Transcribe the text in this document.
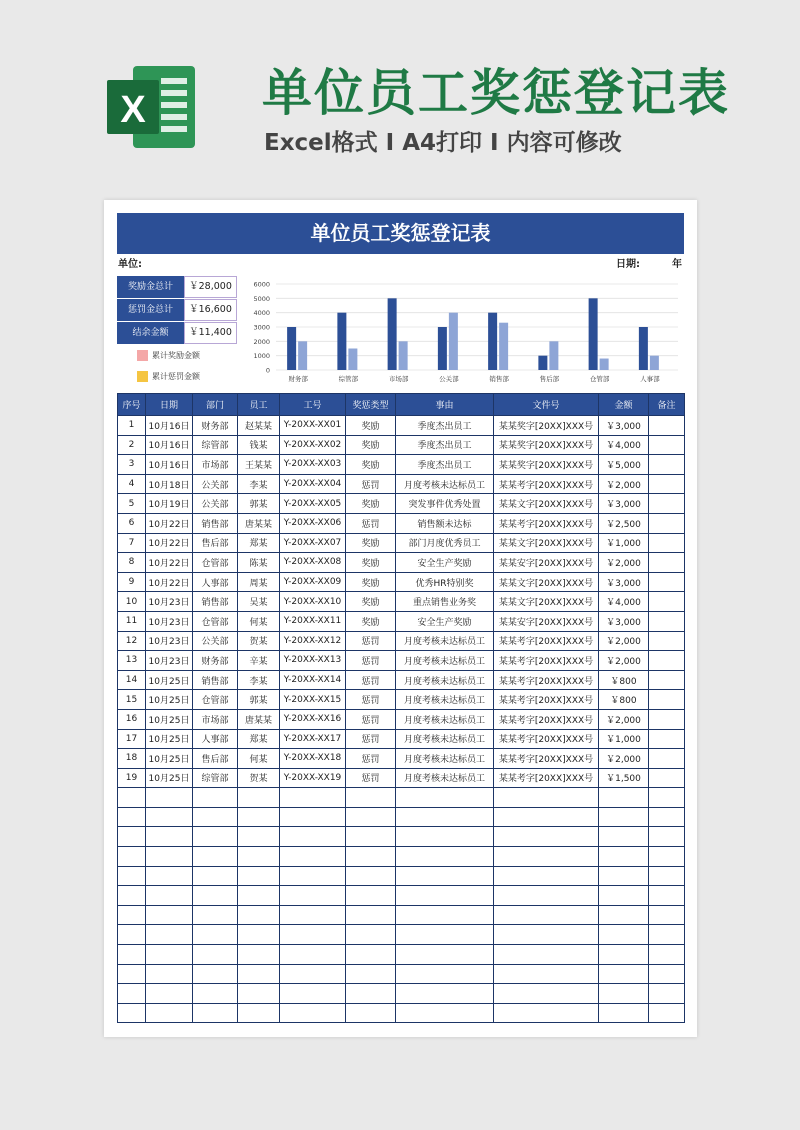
X 单位员工奖惩登记表
Excel格式 I A4打印 I 内容可修改
单位员工奖惩登记表
单位:	日期:	年
奖励金总计	￥28,000
惩罚金总计	￥16,600
结余金额	￥11,400
累计奖励金额
累计惩罚金额
0
1000
2000
3000
4000
5000
6000
财务部	综管部	市场部	公关部	销售部	售后部	仓管部	人事部
序号	日期	部门	员工	工号	奖惩类型	事由	文件号	金额	备注
1	10月16日	财务部	赵某某	Y-20XX-XX01	奖励	季度杰出员工	某某奖字[20XX]XXX号	￥3,000	
2	10月16日	综管部	钱某	Y-20XX-XX02	奖励	季度杰出员工	某某奖字[20XX]XXX号	￥4,000	
3	10月16日	市场部	王某某	Y-20XX-XX03	奖励	季度杰出员工	某某奖字[20XX]XXX号	￥5,000	
4	10月18日	公关部	李某	Y-20XX-XX04	惩罚	月度考核未达标员工	某某考字[20XX]XXX号	￥2,000	
5	10月19日	公关部	郭某	Y-20XX-XX05	奖励	突发事件优秀处置	某某文字[20XX]XXX号	￥3,000	
6	10月22日	销售部	唐某某	Y-20XX-XX06	惩罚	销售额未达标	某某考字[20XX]XXX号	￥2,500	
7	10月22日	售后部	郑某	Y-20XX-XX07	奖励	部门月度优秀员工	某某文字[20XX]XXX号	￥1,000	
8	10月22日	仓管部	陈某	Y-20XX-XX08	奖励	安全生产奖励	某某安字[20XX]XXX号	￥2,000	
9	10月22日	人事部	周某	Y-20XX-XX09	奖励	优秀HR特别奖	某某文字[20XX]XXX号	￥3,000	
10	10月23日	销售部	吴某	Y-20XX-XX10	奖励	重点销售业务奖	某某文字[20XX]XXX号	￥4,000	
11	10月23日	仓管部	何某	Y-20XX-XX11	奖励	安全生产奖励	某某安字[20XX]XXX号	￥3,000	
12	10月23日	公关部	贺某	Y-20XX-XX12	惩罚	月度考核未达标员工	某某考字[20XX]XXX号	￥2,000	
13	10月23日	财务部	辛某	Y-20XX-XX13	惩罚	月度考核未达标员工	某某考字[20XX]XXX号	￥2,000	
14	10月25日	销售部	李某	Y-20XX-XX14	惩罚	月度考核未达标员工	某某考字[20XX]XXX号	￥800	
15	10月25日	仓管部	郭某	Y-20XX-XX15	惩罚	月度考核未达标员工	某某考字[20XX]XXX号	￥800	
16	10月25日	市场部	唐某某	Y-20XX-XX16	惩罚	月度考核未达标员工	某某考字[20XX]XXX号	￥2,000	
17	10月25日	人事部	郑某	Y-20XX-XX17	惩罚	月度考核未达标员工	某某考字[20XX]XXX号	￥1,000	
18	10月25日	售后部	何某	Y-20XX-XX18	惩罚	月度考核未达标员工	某某考字[20XX]XXX号	￥2,000	
19	10月25日	综管部	贺某	Y-20XX-XX19	惩罚	月度考核未达标员工	某某考字[20XX]XXX号	￥1,500	
